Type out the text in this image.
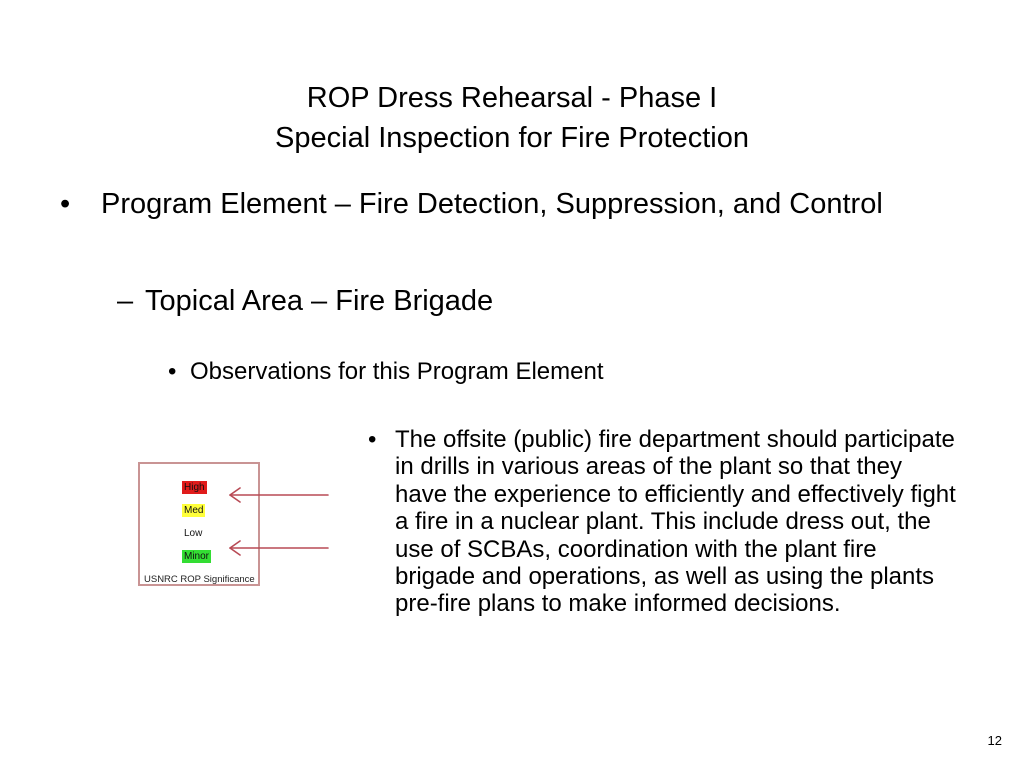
ROP Dress Rehearsal - Phase I
Special Inspection for Fire Protection
•	Program Element – Fire Detection, Suppression, and Control
– Topical Area – Fire Brigade
• Observations for this Program Element
• The offsite (public) fire department should participate in drills in various areas of the plant so that they have the experience to efficiently and effectively fight a fire in a nuclear plant. This include dress out, the use of SCBAs, coordination with the plant fire brigade and operations, as well as using the plants pre-fire plans to make informed decisions.
High
Med
Low
Minor
USNRC ROP Significance
12
